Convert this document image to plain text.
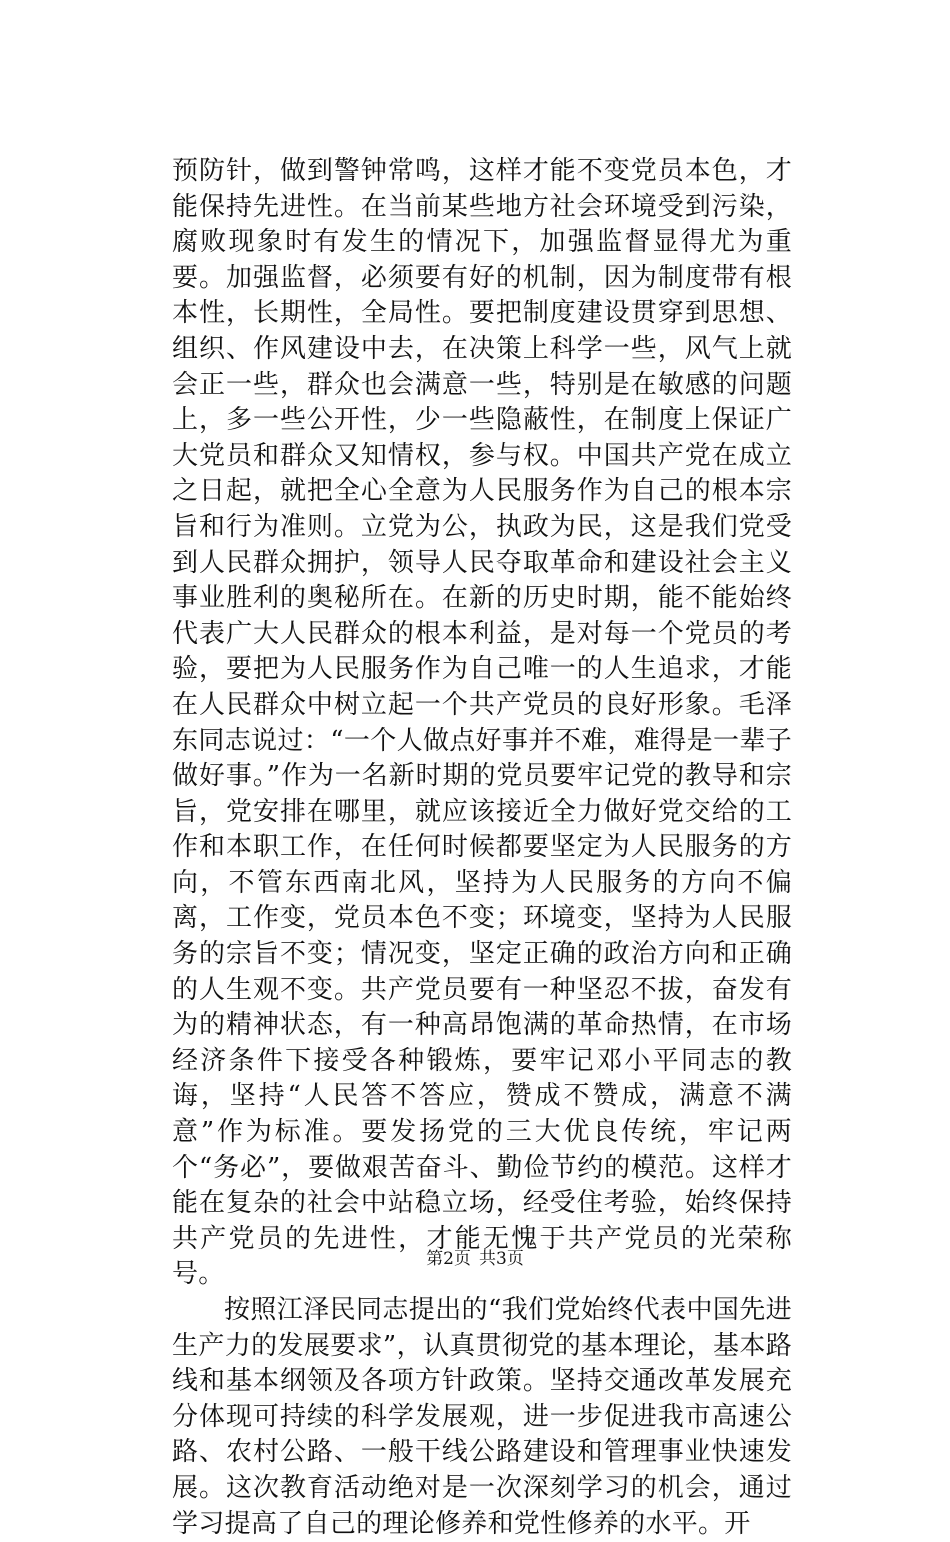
预防针，做到警钟常鸣，这样才能不变党员本色，才能保持先进性。在当前某些地方社会环境受到污染，腐败现象时有发生的情况下，加强监督显得尤为重要。加强监督，必须要有好的机制，因为制度带有根本性，长期性，全局性。要把制度建设贯穿到思想、组织、作风建设中去，在决策上科学一些，风气上就会正一些，群众也会满意一些，特别是在敏感的问题上，多一些公开性，少一些隐蔽性，在制度上保证广大党员和群众又知情权，参与权。中国共产党在成立之日起，就把全心全意为人民服务作为自己的根本宗旨和行为准则。立党为公，执政为民，这是我们党受到人民群众拥护，领导人民夺取革命和建设社会主义事业胜利的奥秘所在。在新的历史时期，能不能始终代表广大人民群众的根本利益，是对每一个党员的考验，要把为人民服务作为自己唯一的人生追求，才能在人民群众中树立起一个共产党员的良好形象。毛泽东同志说过：“一个人做点好事并不难，难得是一辈子做好事。”作为一名新时期的党员要牢记党的教导和宗旨，党安排在哪里，就应该接近全力做好党交给的工作和本职工作，在任何时候都要坚定为人民服务的方向，不管东西南北风，坚持为人民服务的方向不偏离，工作变，党员本色不变；环境变，坚持为人民服务的宗旨不变；情况变，坚定正确的政治方向和正确的人生观不变。共产党员要有一种坚忍不拔，奋发有为的精神状态，有一种高昂饱满的革命热情，在市场经济条件下接受各种锻炼，要牢记邓小平同志的教诲，坚持“人民答不答应，赞成不赞成，满意不满意”作为标准。要发扬党的三大优良传统，牢记两个“务必”，要做艰苦奋斗、勤俭节约的模范。这样才能在复杂的社会中站稳立场，经受住考验，始终保持共产党员的先进性，才能无愧于共产党员的光荣称号。

按照江泽民同志提出的“我们党始终代表中国先进生产力的发展要求”，认真贯彻党的基本理论，基本路线和基本纲领及各项方针政策。坚持交通改革发展充分体现可持续的科学发展观，进一步促进我市高速公路、农村公路、一般干线公路建设和管理事业快速发展。这次教育活动绝对是一次深刻学习的机会，通过学习提高了自己的理论修养和党性修养的水平。开

第2页 共3页
